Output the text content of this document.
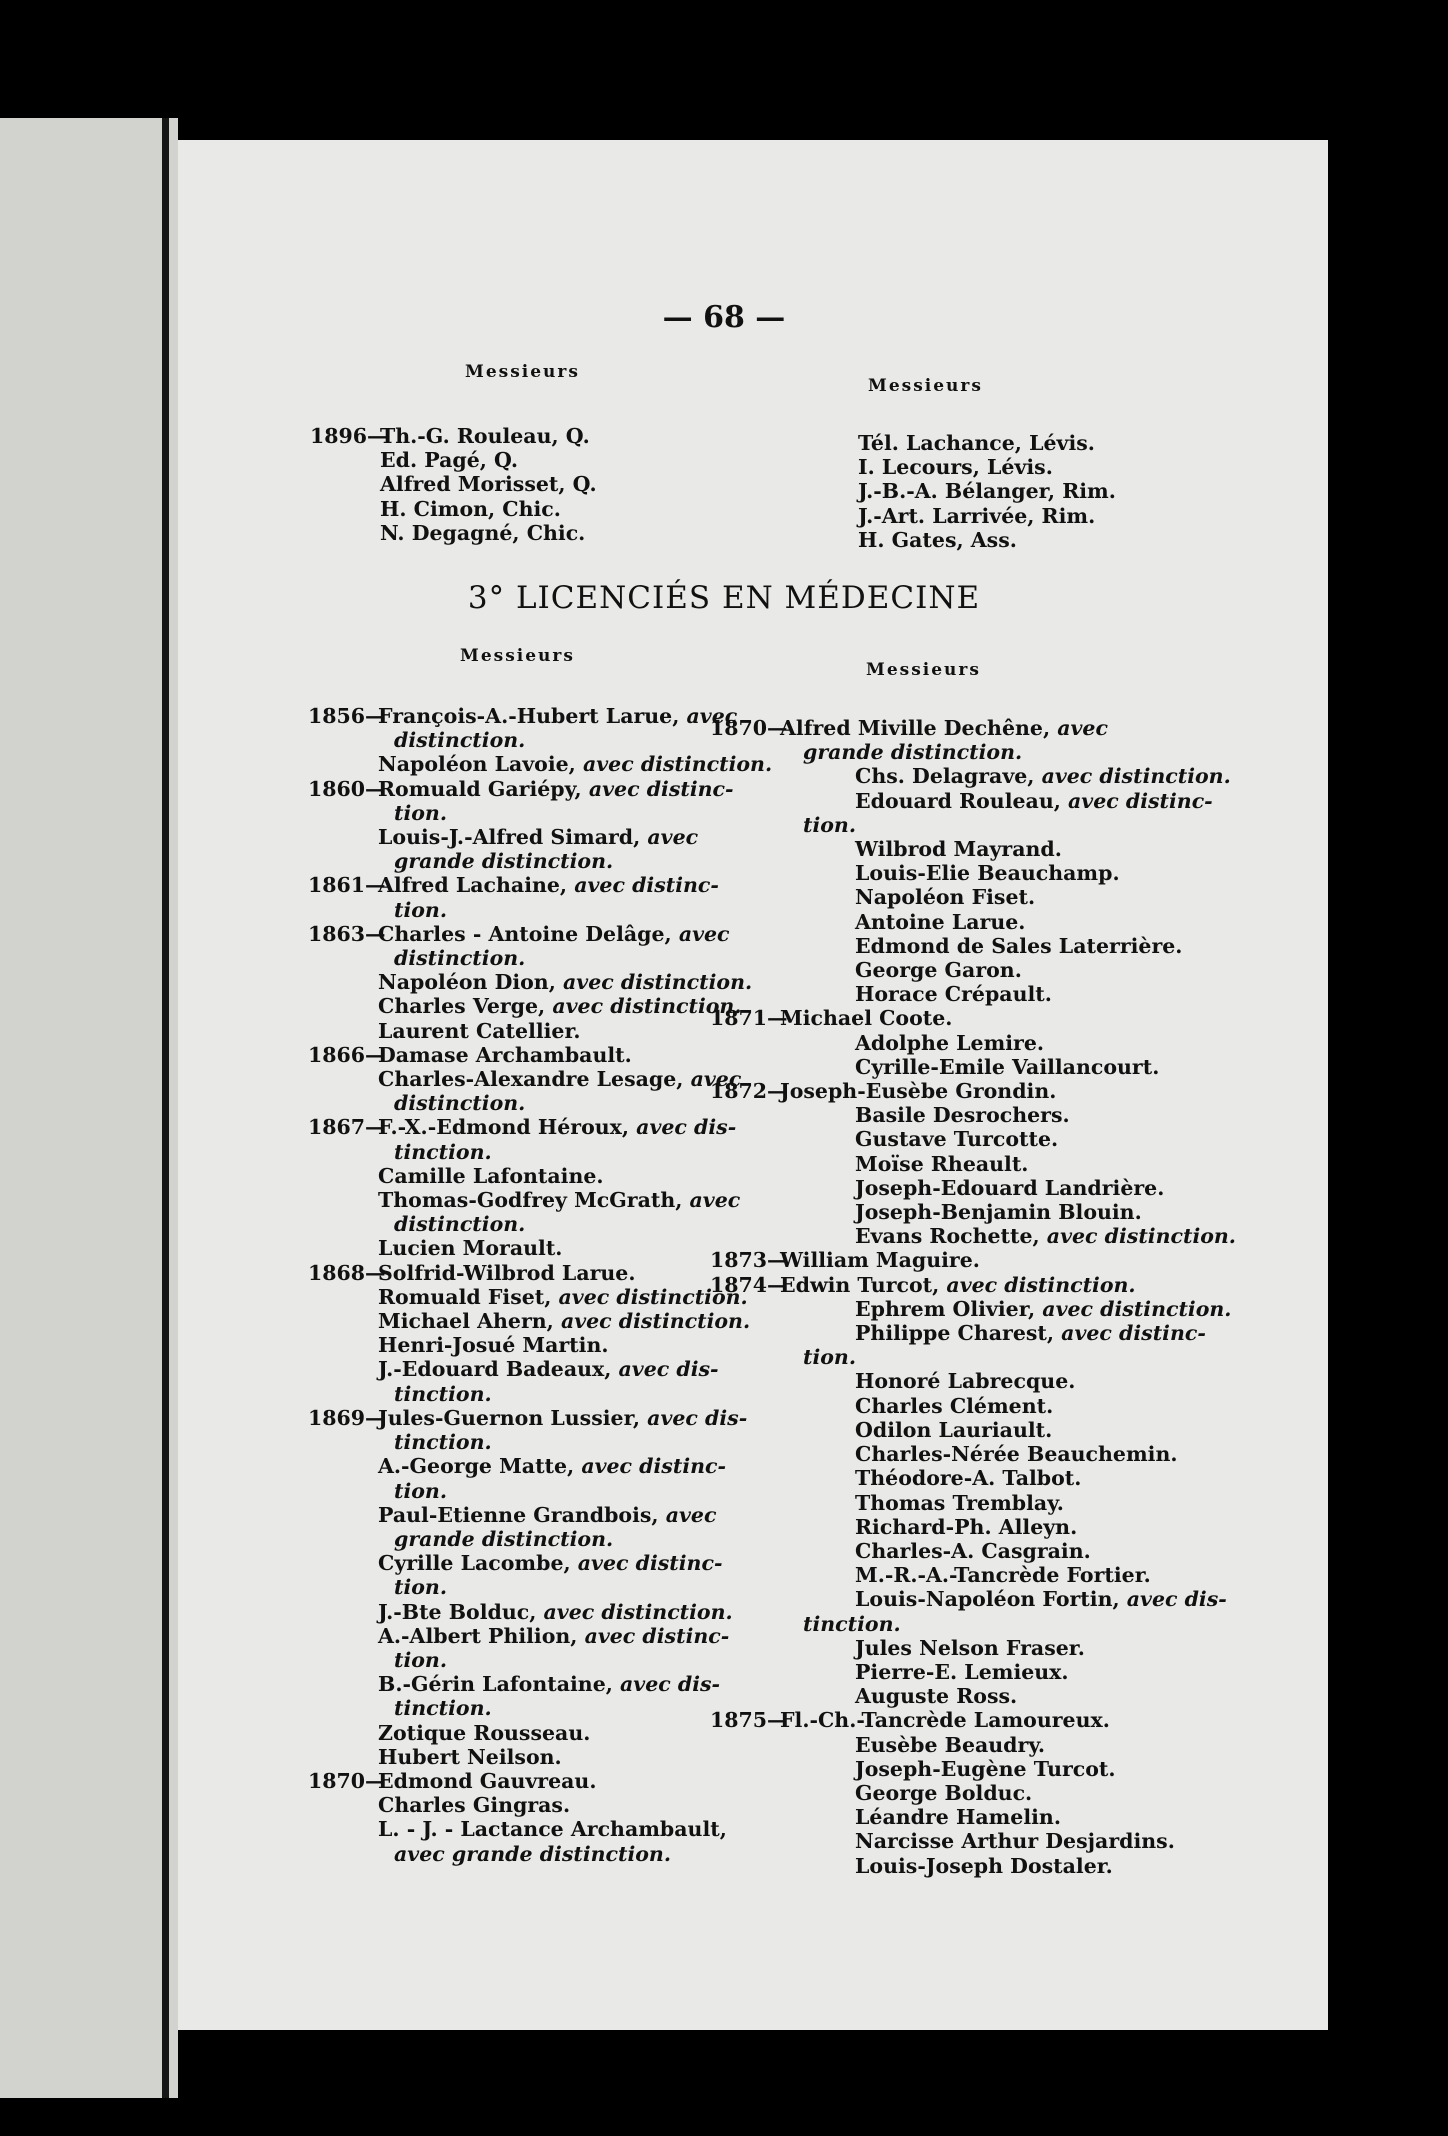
— 68 —
Messieurs
Messieurs
1896—Th.-G. Rouleau, Q.
Ed. Pagé, Q.
Alfred Morisset, Q.
H. Cimon, Chic.
N. Degagné, Chic.
Tél. Lachance, Lévis.
I. Lecours, Lévis.
J.-B.-A. Bélanger, Rim.
J.-Art. Larrivée, Rim.
H. Gates, Ass.
3° LICENCIÉS EN MÉDECINE
Messieurs
Messieurs
1856—François-A.-Hubert Larue, avec
distinction.
Napoléon Lavoie, avec distinction.
1860—Romuald Gariépy, avec distinc-
tion.
Louis-J.-Alfred Simard, avec
grande distinction.
1861—Alfred Lachaine, avec distinc-
tion.
1863—Charles - Antoine Delâge, avec
distinction.
Napoléon Dion, avec distinction.
Charles Verge, avec distinction.
Laurent Catellier.
1866—Damase Archambault.
Charles-Alexandre Lesage, avec
distinction.
1867—F.-X.-Edmond Héroux, avec dis-
tinction.
Camille Lafontaine.
Thomas-Godfrey McGrath, avec
distinction.
Lucien Morault.
1868—Solfrid-Wilbrod Larue.
Romuald Fiset, avec distinction.
Michael Ahern, avec distinction.
Henri-Josué Martin.
J.-Edouard Badeaux, avec dis-
tinction.
1869—Jules-Guernon Lussier, avec dis-
tinction.
A.-George Matte, avec distinc-
tion.
Paul-Etienne Grandbois, avec
grande distinction.
Cyrille Lacombe, avec distinc-
tion.
J.-Bte Bolduc, avec distinction.
A.-Albert Philion, avec distinc-
tion.
B.-Gérin Lafontaine, avec dis-
tinction.
Zotique Rousseau.
Hubert Neilson.
1870—Edmond Gauvreau.
Charles Gingras.
L. - J. - Lactance Archambault,
avec grande distinction.
1870—Alfred Miville Dechêne, avec
grande distinction.
Chs. Delagrave, avec distinction.
Edouard Rouleau, avec distinc-
tion.
Wilbrod Mayrand.
Louis-Elie Beauchamp.
Napoléon Fiset.
Antoine Larue.
Edmond de Sales Laterrière.
George Garon.
Horace Crépault.
1871—Michael Coote.
Adolphe Lemire.
Cyrille-Emile Vaillancourt.
1872—Joseph-Eusèbe Grondin.
Basile Desrochers.
Gustave Turcotte.
Moïse Rheault.
Joseph-Edouard Landrière.
Joseph-Benjamin Blouin.
Evans Rochette, avec distinction.
1873—William Maguire.
1874—Edwin Turcot, avec distinction.
Ephrem Olivier, avec distinction.
Philippe Charest, avec distinc-
tion.
Honoré Labrecque.
Charles Clément.
Odilon Lauriault.
Charles-Nérée Beauchemin.
Théodore-A. Talbot.
Thomas Tremblay.
Richard-Ph. Alleyn.
Charles-A. Casgrain.
M.-R.-A.-Tancrède Fortier.
Louis-Napoléon Fortin, avec dis-
tinction.
Jules Nelson Fraser.
Pierre-E. Lemieux.
Auguste Ross.
1875—Fl.-Ch.-Tancrède Lamoureux.
Eusèbe Beaudry.
Joseph-Eugène Turcot.
George Bolduc.
Léandre Hamelin.
Narcisse Arthur Desjardins.
Louis-Joseph Dostaler.
